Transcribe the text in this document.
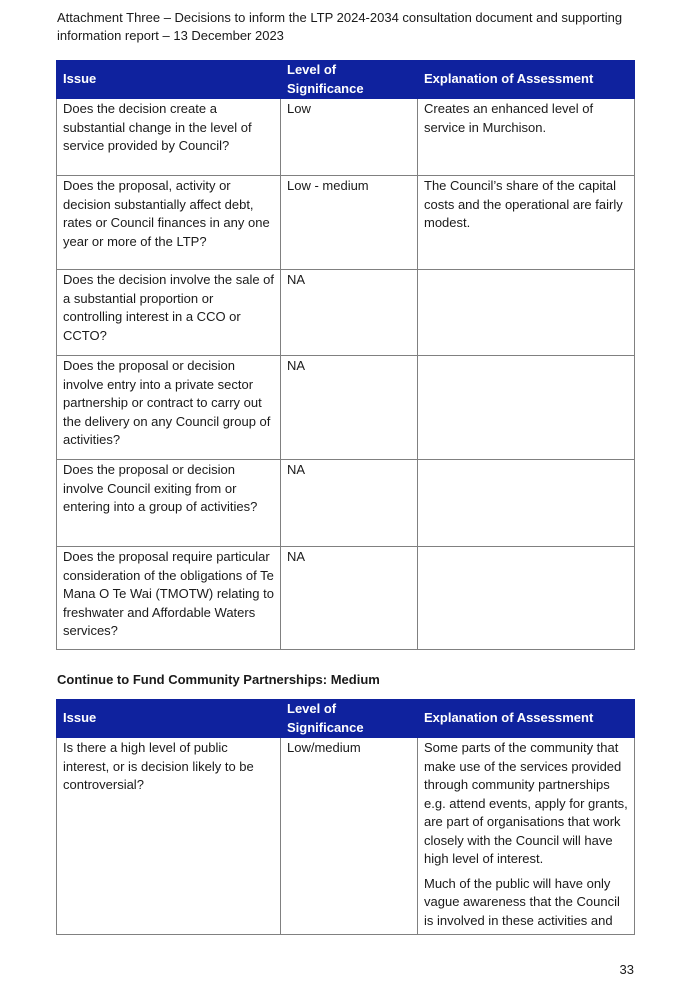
Attachment Three – Decisions to inform the LTP 2024-2034 consultation document and supporting
information report – 13 December 2023
Issue	Level of Significance	Explanation of Assessment
Does the decision create a substantial change in the level of service provided by Council?	Low	Creates an enhanced level of service in Murchison.

Does the proposal, activity or decision substantially affect debt, rates or Council finances in any one year or more of the LTP?	Low - medium	The Council’s share of the capital costs and the operational are fairly modest.

Does the decision involve the sale of a substantial proportion or controlling interest in a CCO or CCTO?	NA	

Does the proposal or decision involve entry into a private sector partnership or contract to carry out the delivery on any Council group of activities?	NA	

Does the proposal or decision involve Council exiting from or entering into a group of activities?	NA	

Does the proposal require particular consideration of the obligations of Te Mana O Te Wai (TMOTW) relating to freshwater and Affordable Waters services?	NA	

Continue to Fund Community Partnerships: Medium
Issue	Level of Significance	Explanation of Assessment
Is there a high level of public interest, or is decision likely to be controversial?	Low/medium	Some parts of the community that make use of the services provided through community partnerships e.g. attend events, apply for grants, are part of organisations that work closely with the Council will have high level of interest.

Much of the public will have only vague awareness that the Council is involved in these activities and

33
